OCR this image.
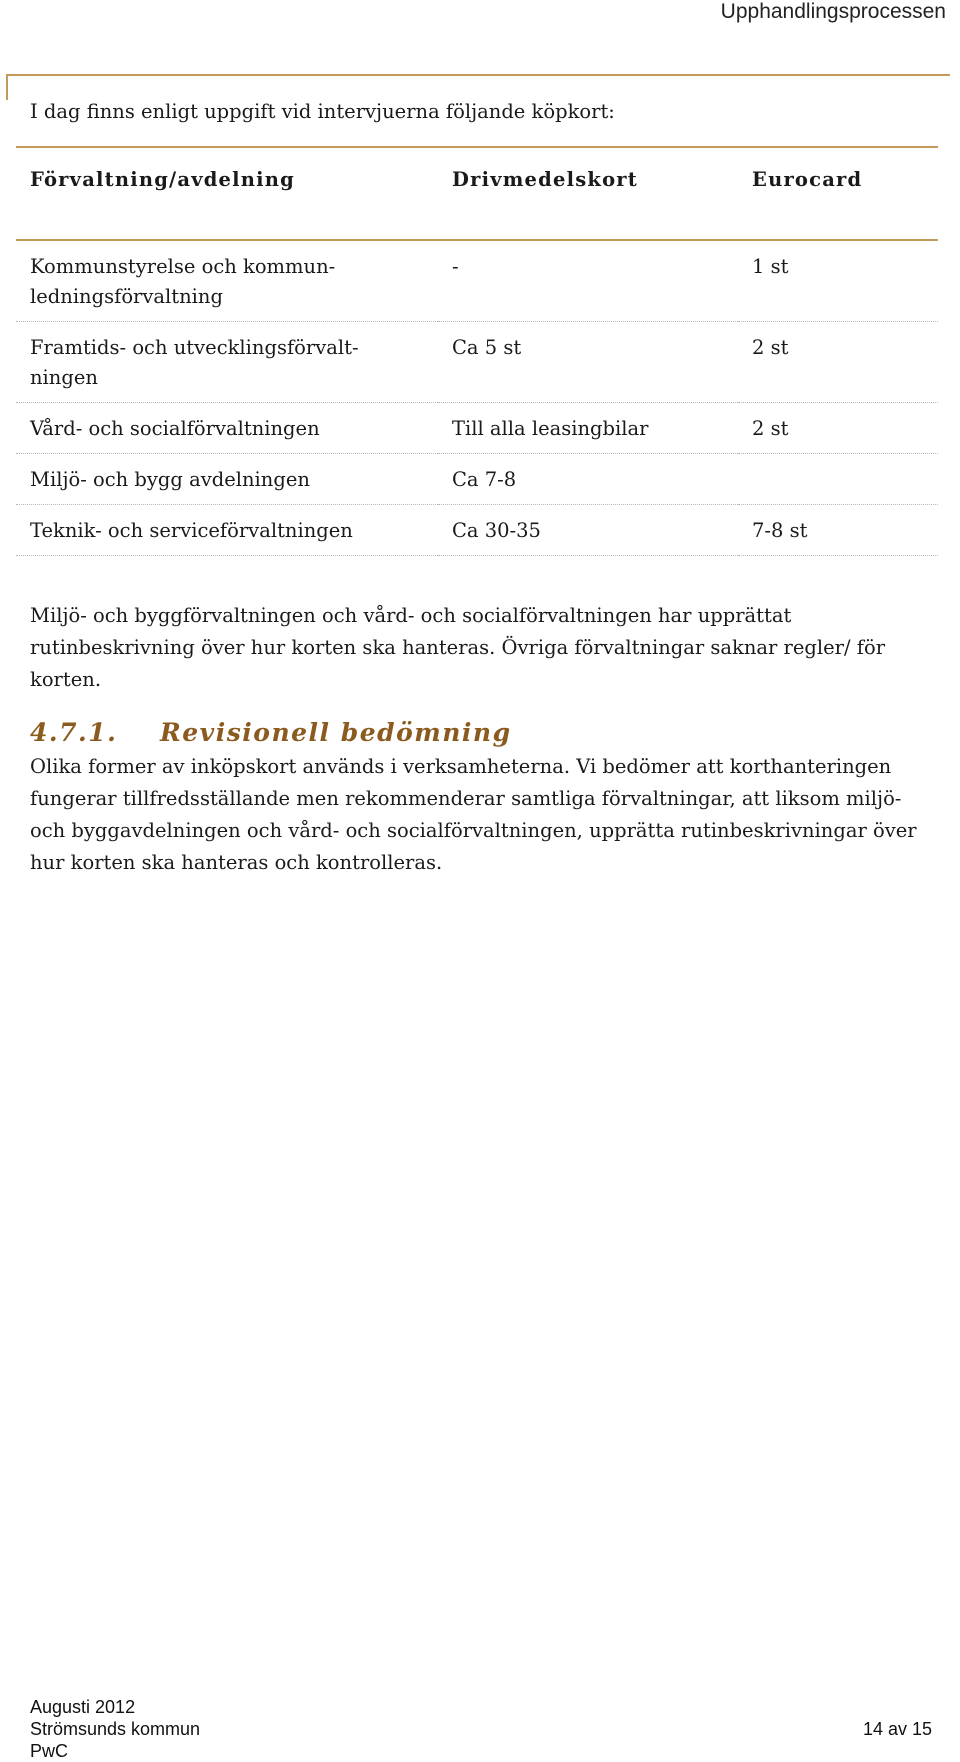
Upphandlingsprocessen

I dag finns enligt uppgift vid intervjuerna följande köpkort:

Förvaltning/avdelning	Drivmedelskort	Eurocard
Kommunstyrelse och kommun-
ledningsförvaltning	-	1 st
Framtids- och utvecklingsförvalt-
ningen	Ca 5 st	2 st
Vård- och socialförvaltningen	Till alla leasingbilar	2 st
Miljö- och bygg avdelningen	Ca 7-8	
Teknik- och serviceförvaltningen	Ca 30-35	7-8 st

Miljö- och byggförvaltningen och vård- och socialförvaltningen har upprättat rutinbeskrivning över hur korten ska hanteras. Övriga förvaltningar saknar regler/ för korten.

4.7.1. Revisionell bedömning

Olika former av inköpskort används i verksamheterna. Vi bedömer att korthanteringen fungerar tillfredsställande men rekommenderar samtliga förvaltningar, att liksom miljö- och byggavdelningen och vård- och socialförvaltningen, upprätta rutinbeskrivningar över hur korten ska hanteras och kontrolleras.

Augusti 2012
Strömsunds kommun	14 av 15
PwC
